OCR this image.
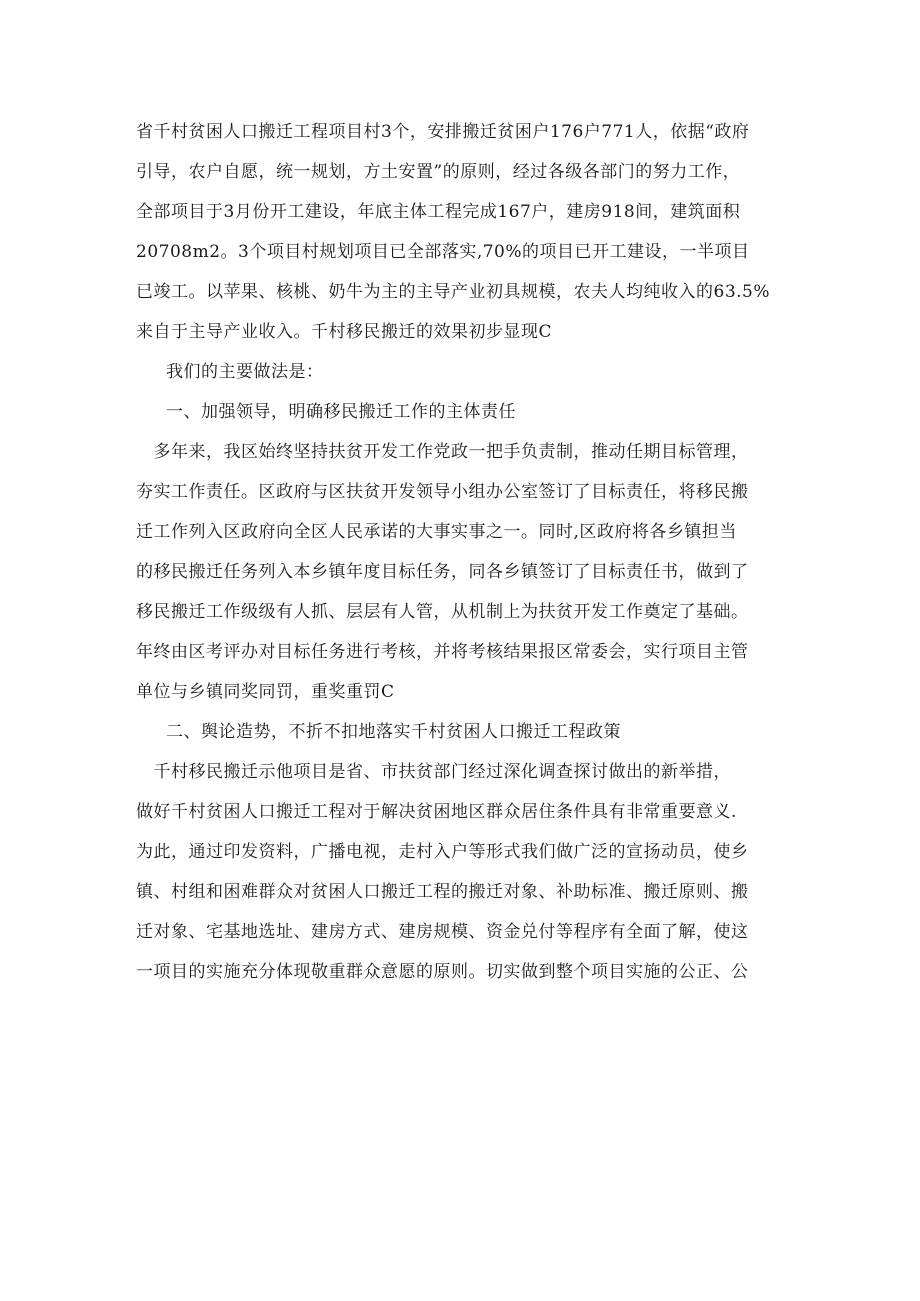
省千村贫困人口搬迁工程项目村3个，安排搬迁贫困户176户771人，依据“政府
引导，农户自愿，统一规划，方土安置”的原则，经过各级各部门的努力工作，
全部项目于3月份开工建设，年底主体工程完成167户，建房918间，建筑面积
20708m2。3个项目村规划项目已全部落实,70%的项目已开工建设，一半项目
已竣工。以苹果、核桃、奶牛为主的主导产业初具规模，农夫人均纯收入的63.5%
来自于主导产业收入。千村移民搬迁的效果初步显现C
我们的主要做法是：
一、加强领导，明确移民搬迁工作的主体责任
　多年来，我区始终坚持扶贫开发工作党政一把手负责制，推动任期目标管理，
夯实工作责任。区政府与区扶贫开发领导小组办公室签订了目标责任，将移民搬
迁工作列入区政府向全区人民承诺的大事实事之一。同时,区政府将各乡镇担当
的移民搬迁任务列入本乡镇年度目标任务，同各乡镇签订了目标责任书，做到了
移民搬迁工作级级有人抓、层层有人管，从机制上为扶贫开发工作奠定了基础。
年终由区考评办对目标任务进行考核，并将考核结果报区常委会，实行项目主管
单位与乡镇同奖同罚，重奖重罚C
二、舆论造势，不折不扣地落实千村贫困人口搬迁工程政策
　千村移民搬迁示他项目是省、市扶贫部门经过深化调查探讨做出的新举措，
做好千村贫困人口搬迁工程对于解决贫困地区群众居住条件具有非常重要意义.
为此，通过印发资料，广播电视，走村入户等形式我们做广泛的宣扬动员，使乡
镇、村组和困难群众对贫困人口搬迁工程的搬迁对象、补助标准、搬迁原则、搬
迁对象、宅基地选址、建房方式、建房规模、资金兑付等程序有全面了解，使这
一项目的实施充分体现敬重群众意愿的原则。切实做到整个项目实施的公正、公
